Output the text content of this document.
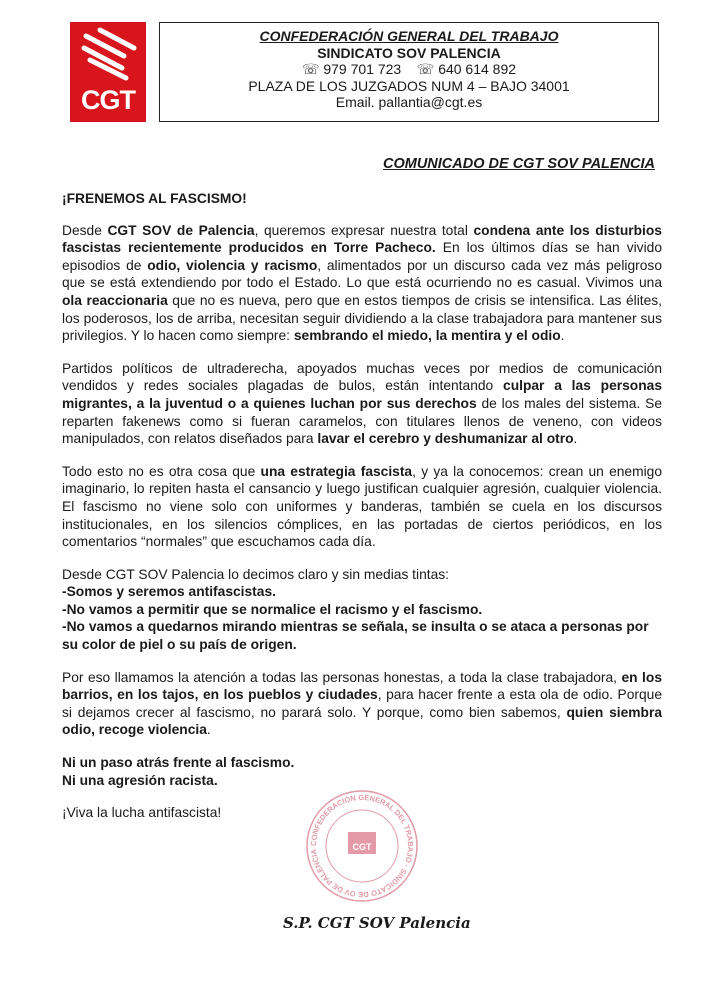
CGT
CONFEDERACIÓN GENERAL DEL TRABAJO
SINDICATO SOV PALENCIA
☏ 979 701 723 ☏ 640 614 892
PLAZA DE LOS JUZGADOS NUM 4 – BAJO 34001
Email. pallantia@cgt.es
COMUNICADO DE CGT SOV PALENCIA
¡FRENEMOS AL FASCISMO!

Desde CGT SOV de Palencia, queremos expresar nuestra total condena ante los disturbios fascistas recientemente producidos en Torre Pacheco. En los últimos días se han vivido episodios de odio, violencia y racismo, alimentados por un discurso cada vez más peligroso que se está extendiendo por todo el Estado. Lo que está ocurriendo no es casual. Vivimos una ola reaccionaria que no es nueva, pero que en estos tiempos de crisis se intensifica. Las élites, los poderosos, los de arriba, necesitan seguir dividiendo a la clase trabajadora para mantener sus privilegios. Y lo hacen como siempre: sembrando el miedo, la mentira y el odio.

Partidos políticos de ultraderecha, apoyados muchas veces por medios de comunicación vendidos y redes sociales plagadas de bulos, están intentando culpar a las personas migrantes, a la juventud o a quienes luchan por sus derechos de los males del sistema. Se reparten fakenews como si fueran caramelos, con titulares llenos de veneno, con videos manipulados, con relatos diseñados para lavar el cerebro y deshumanizar al otro.

Todo esto no es otra cosa que una estrategia fascista, y ya la conocemos: crean un enemigo imaginario, lo repiten hasta el cansancio y luego justifican cualquier agresión, cualquier violencia. El fascismo no viene solo con uniformes y banderas, también se cuela en los discursos institucionales, en los silencios cómplices, en las portadas de ciertos periódicos, en los comentarios “normales” que escuchamos cada día.

Desde CGT SOV Palencia lo decimos claro y sin medias tintas:
-Somos y seremos antifascistas.
-No vamos a permitir que se normalice el racismo y el fascismo.
-No vamos a quedarnos mirando mientras se señala, se insulta o se ataca a personas por su color de piel o su país de origen.

Por eso llamamos la atención a todas las personas honestas, a toda la clase trabajadora, en los barrios, en los tajos, en los pueblos y ciudades, para hacer frente a esta ola de odio. Porque si dejamos crecer al fascismo, no parará solo. Y porque, como bien sabemos, quien siembra odio, recoge violencia.

Ni un paso atrás frente al fascismo.
Ni una agresión racista.

¡Viva la lucha antifascista!

CONFEDERACIÓN GENERAL DEL TRABAJO · SINDICATO DE OV DE PALENCIA	CGT
S.P. CGT SOV Palencia
